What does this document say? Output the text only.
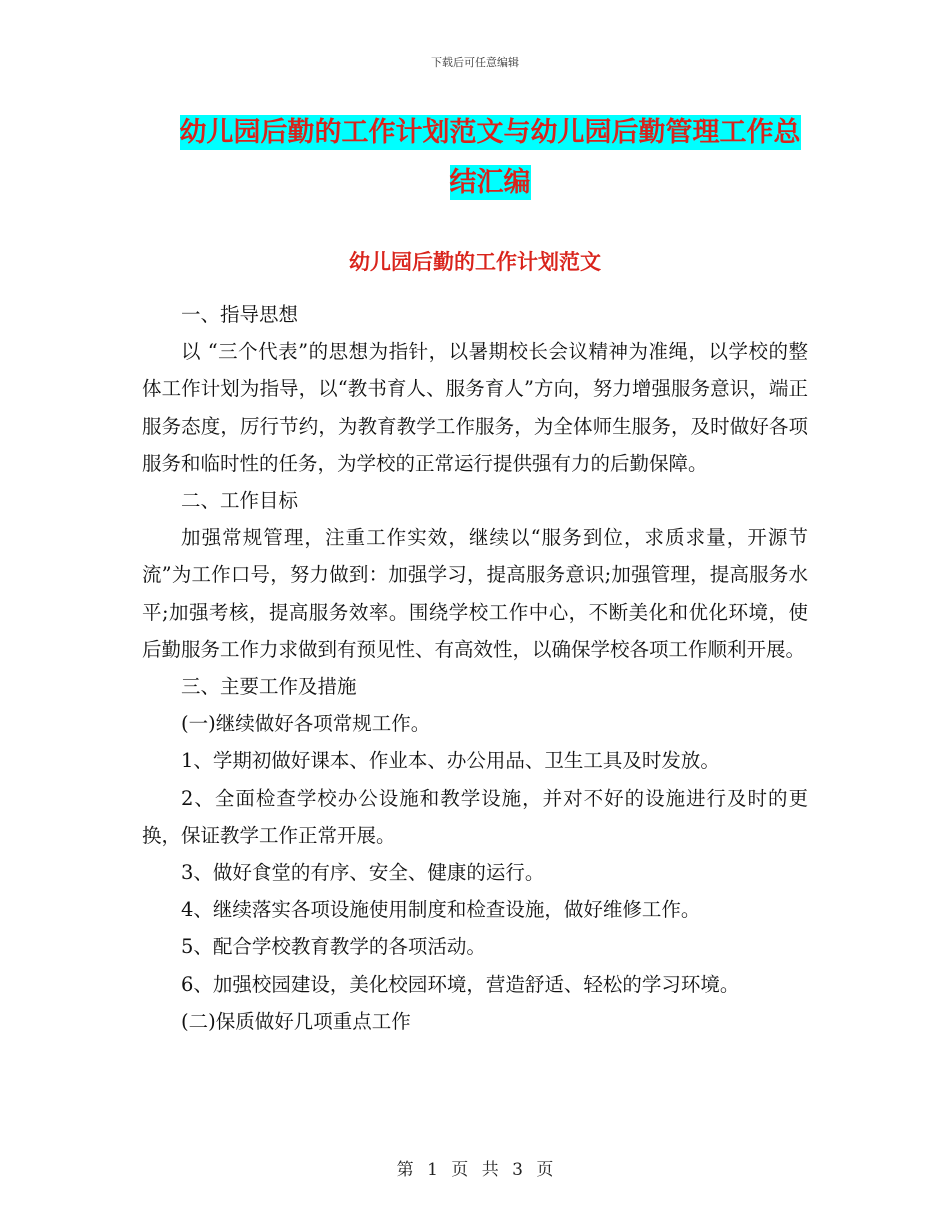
下载后可任意编辑
幼儿园后勤的工作计划范文与幼儿园后勤管理工作总
结汇编
幼儿园后勤的工作计划范文

一、指导思想

以 “三个代表”的思想为指针，以暑期校长会议精神为准绳，以学校的整体工作计划为指导，以“教书育人、服务育人”方向，努力增强服务意识，端正服务态度，厉行节约，为教育教学工作服务，为全体师生服务，及时做好各项服务和临时性的任务，为学校的正常运行提供强有力的后勤保障。

二、工作目标

加强常规管理，注重工作实效，继续以“服务到位，求质求量，开源节流”为工作口号，努力做到：加强学习，提高服务意识;加强管理，提高服务水平;加强考核，提高服务效率。围绕学校工作中心，不断美化和优化环境，使后勤服务工作力求做到有预见性、有高效性，以确保学校各项工作顺利开展。

三、主要工作及措施

(一)继续做好各项常规工作。

1、学期初做好课本、作业本、办公用品、卫生工具及时发放。

2、全面检查学校办公设施和教学设施，并对不好的设施进行及时的更换，保证教学工作正常开展。

3、做好食堂的有序、安全、健康的运行。

4、继续落实各项设施使用制度和检查设施，做好维修工作。

5、配合学校教育教学的各项活动。

6、加强校园建设，美化校园环境，营造舒适、轻松的学习环境。

(二)保质做好几项重点工作

第 1 页 共 3 页
